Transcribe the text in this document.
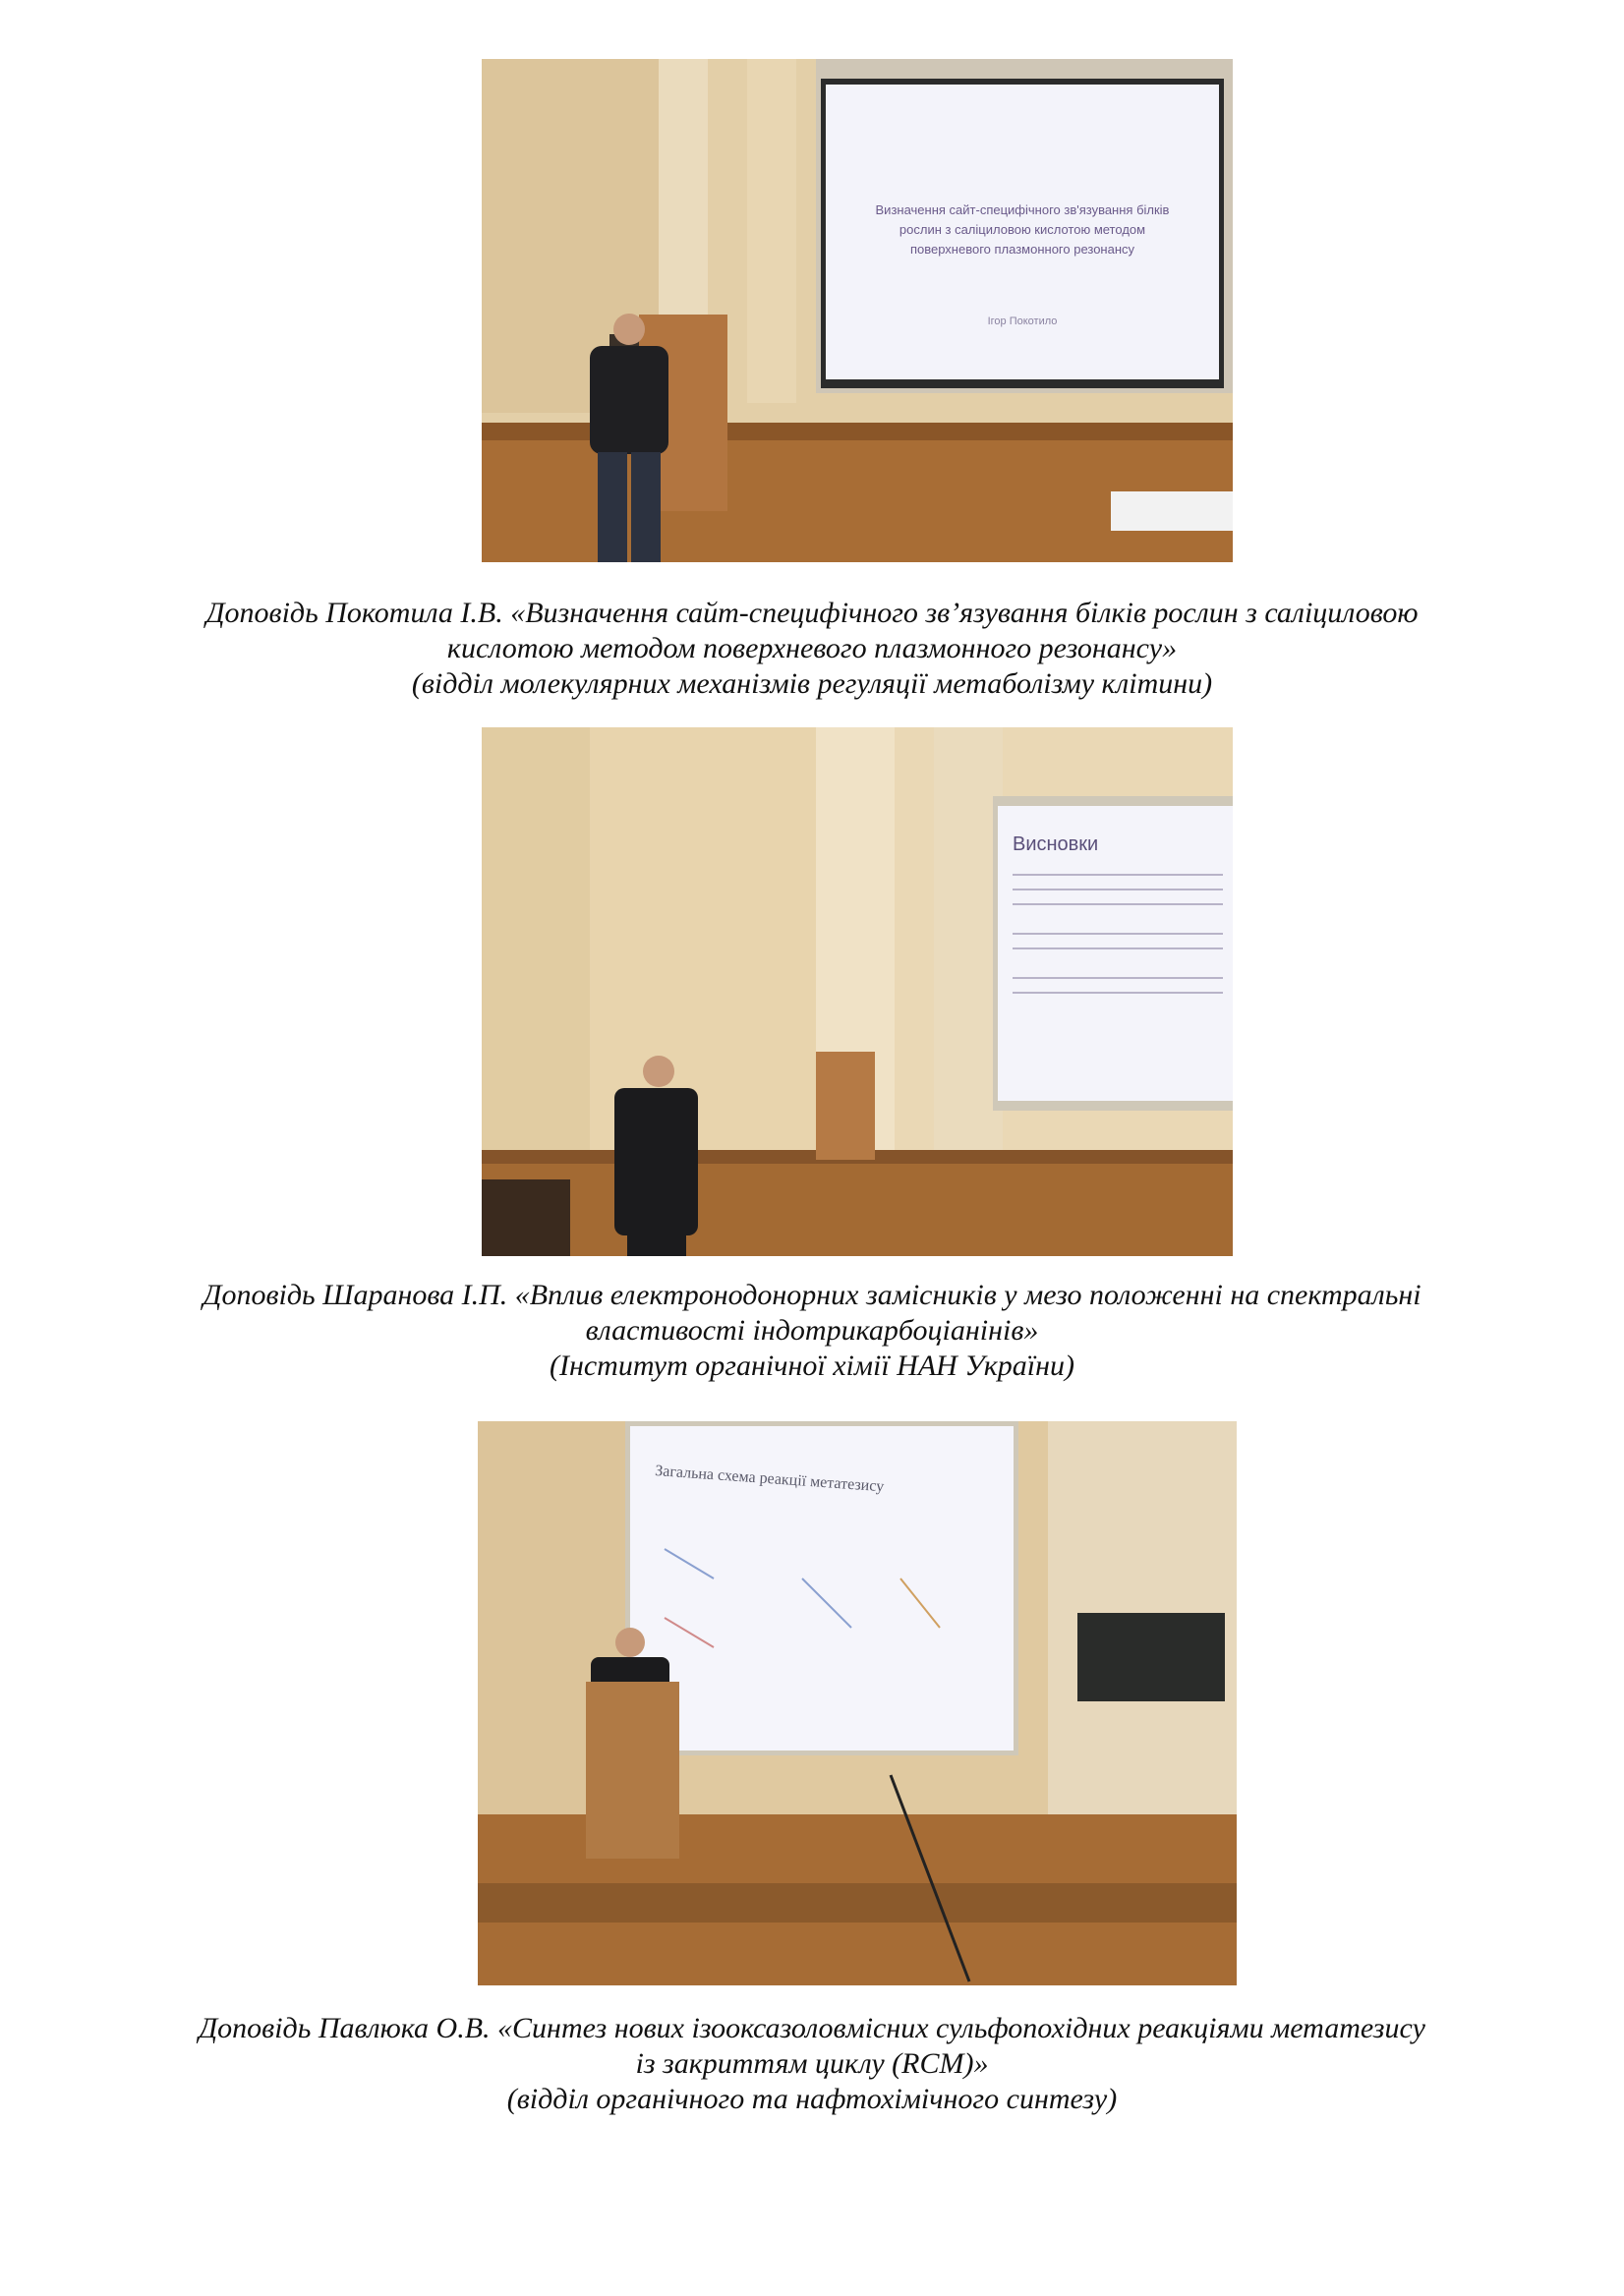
Визначення сайт-специфічного зв'язування білків
рослин з саліциловою кислотою методом
поверхневого плазмонного резонансу
Ігор Покотило
Доповідь Покотила І.В. «Визначення сайт-специфічного зв’язування білків рослин з саліциловою
кислотою методом поверхневого плазмонного резонансу»
(відділ молекулярних механізмів регуляції метаболізму клітини)
Висновки
Доповідь Шаранова І.П. «Вплив електронодонорних замісників у мезо положенні на спектральні
властивості індотрикарбоціанінів»
(Інститут органічної хімії НАН України)
Загальна схема реакції метатезису
Доповідь Павлюка О.В. «Синтез нових ізооксазоловмісних сульфопохідних реакціями метатезису
із закриттям циклу (RCM)»
(відділ органічного та нафтохімічного синтезу)
